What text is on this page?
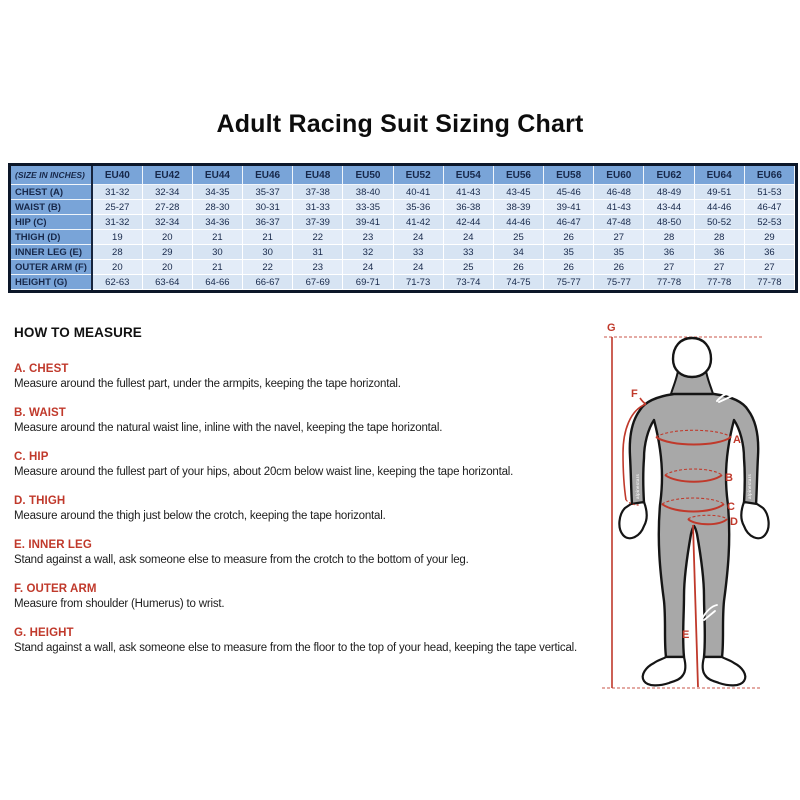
Adult Racing Suit Sizing Chart
(SIZE IN INCHES)	EU40	EU42	EU44	EU46	EU48	EU50	EU52	EU54	EU56	EU58	EU60	EU62	EU64	EU66
CHEST (A)	31-32	32-34	34-35	35-37	37-38	38-40	40-41	41-43	43-45	45-46	46-48	48-49	49-51	51-53
WAIST (B)	25-27	27-28	28-30	30-31	31-33	33-35	35-36	36-38	38-39	39-41	41-43	43-44	44-46	46-47
HIP (C)	31-32	32-34	34-36	36-37	37-39	39-41	41-42	42-44	44-46	46-47	47-48	48-50	50-52	52-53
THIGH (D)	19	20	21	21	22	23	24	24	25	26	27	28	28	29
INNER LEG (E)	28	29	30	30	31	32	33	33	34	35	35	36	36	36
OUTER ARM (F)	20	20	21	22	23	24	24	25	26	26	26	27	27	27
HEIGHT (G)	62-63	63-64	64-66	66-67	67-69	69-71	71-73	73-74	74-75	75-77	75-77	77-78	77-78	77-78
HOW TO MEASURE
A. CHEST

Measure around the fullest part, under the armpits, keeping the tape horizontal.

B. WAIST

Measure around the natural waist line, inline with the navel, keeping the tape horizontal.

C. HIP

Measure around the fullest part of your hips, about 20cm below waist line, keeping the tape horizontal.

D. THIGH

Measure around the thigh just below the crotch, keeping the tape horizontal.

E. INNER LEG

Stand against a wall, ask someone else to measure from the crotch to the bottom of your leg.

F. OUTER ARM

Measure from shoulder (Humerus) to wrist.

G. HEIGHT

Stand against a wall, ask someone else to measure from the floor to the top of your head, keeping the tape vertical.

G
alpinestars	alpinestars
A
B
C
D
E
F
